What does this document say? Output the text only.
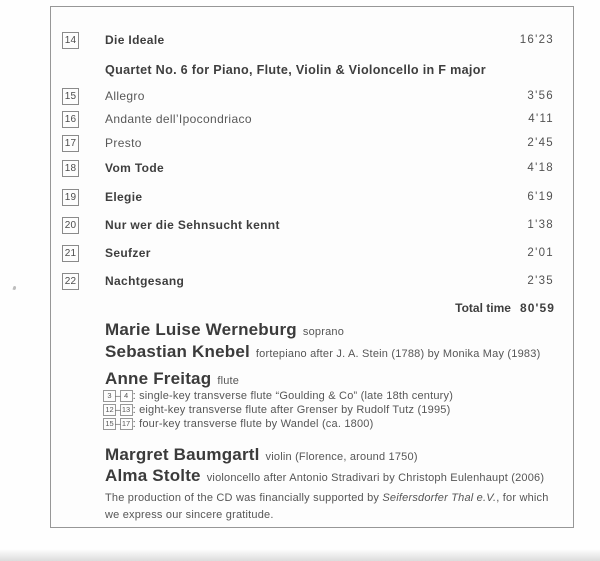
14 Die Ideale	16'23
Quartet No. 6 for Piano, Flute, Violin & Violoncello in F major
15 Allegro	3'56
16 Andante dell’Ipocondriaco	4'11
17 Presto	2'45
18 Vom Tode	4'18
19 Elegie	6'19
20 Nur wer die Sehnsucht kennt	1'38
21 Seufzer	2'01
22 Nachtgesang	2'35
Total time 80'59
Marie Luise Werneburg soprano
Sebastian Knebel fortepiano after J. A. Stein (1788) by Monika May (1983)
Anne Freitag flute
3 – 4 : single-key transverse flute “Goulding & Co” (late 18th century)
12 – 13 : eight-key transverse flute after Grenser by Rudolf Tutz (1995)
15 – 17 : four-key transverse flute by Wandel (ca. 1800)
Margret Baumgartl violin (Florence, around 1750)
Alma Stolte violoncello after Antonio Stradivari by Christoph Eulenhaupt (2006)
The production of the CD was financially supported by Seifersdorfer Thal e.V., for which we express our sincere gratitude.
